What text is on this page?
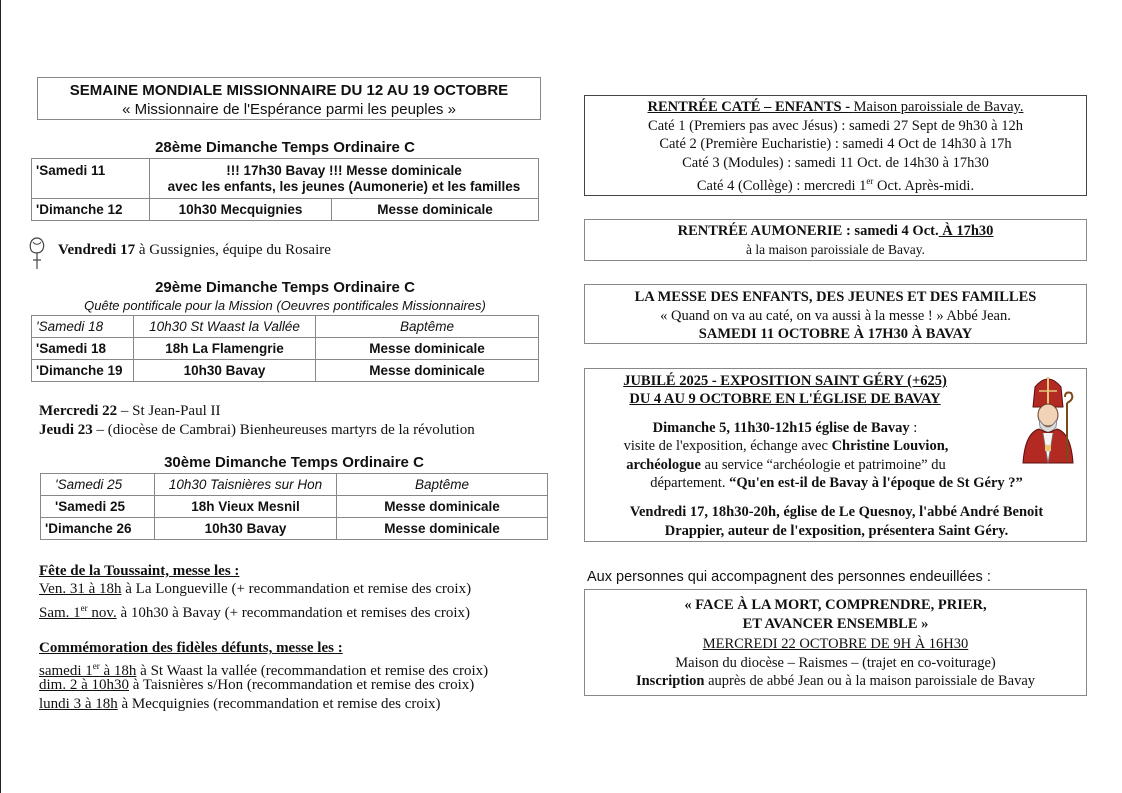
SEMAINE MONDIALE MISSIONNAIRE DU 12 AU 19 OCTOBRE
« Missionnaire de l'Espérance parmi les peuples »
28ème Dimanche Temps Ordinaire C
'Samedi 11	!!! 17h30 Bavay !!! Messe dominicale
avec les enfants, les jeunes (Aumonerie) et les familles	

'Dimanche 12	10h30 Mecquignies	Messe dominicale
Vendredi 17 à Gussignies, équipe du Rosaire
29ème Dimanche Temps Ordinaire C
Quête pontificale pour la Mission (Oeuvres pontificales Missionnaires)
'Samedi 18	10h30 St Waast la Vallée	Baptême
'Samedi 18	18h La Flamengrie	Messe dominicale
'Dimanche 19	10h30 Bavay	Messe dominicale
Mercredi 22 – St Jean-Paul II
Jeudi 23 – (diocèse de Cambrai) Bienheureuses martyrs de la révolution
30ème Dimanche Temps Ordinaire C
'Samedi 25	10h30 Taisnières sur Hon	Baptême
'Samedi 25	18h Vieux Mesnil	Messe dominicale
'Dimanche 26	10h30 Bavay	Messe dominicale
Fête de la Toussaint, messe les :
Ven. 31 à 18h à La Longueville (+ recommandation et remise des croix)
Sam. 1er nov. à 10h30 à Bavay (+ recommandation et remises des croix)
Commémoration des fidèles défunts, messe les :
samedi 1er à 18h à St Waast la vallée (recommandation et remise des croix)
dim. 2 à 10h30 à Taisnières s/Hon (recommandation et remise des croix)
lundi 3 à 18h à Mecquignies (recommandation et remise des croix)
RENTRÉE CATÉ – ENFANTS - Maison paroissiale de Bavay.
Caté 1 (Premiers pas avec Jésus) : samedi 27 Sept de 9h30 à 12h
Caté 2 (Première Eucharistie) : samedi 4 Oct de 14h30 à 17h
Caté 3 (Modules) : samedi 11 Oct. de 14h30 à 17h30
Caté 4 (Collège) : mercredi 1er Oct. Après-midi.
RENTRÉE AUMONERIE : samedi 4 Oct. À 17h30
à la maison paroissiale de Bavay.
LA MESSE DES ENFANTS, DES JEUNES ET DES FAMILLES
« Quand on va au caté, on va aussi à la messe ! » Abbé Jean.
SAMEDI 11 OCTOBRE À 17H30 À BAVAY
JUBILÉ 2025 - EXPOSITION SAINT GÉRY (+625)
DU 4 AU 9 OCTOBRE EN L'ÉGLISE DE BAVAY
Dimanche 5, 11h30-12h15 église de Bavay :
visite de l'exposition, échange avec Christine Louvion,
archéologue au service “archéologie et patrimoine” du
département. “Qu'en est-il de Bavay à l'époque de St Géry ?”
Vendredi 17, 18h30-20h, église de Le Quesnoy, l'abbé André Benoit
Drappier, auteur de l'exposition, présentera Saint Géry.
Aux personnes qui accompagnent des personnes endeuillées :
« FACE À LA MORT, COMPRENDRE, PRIER,
ET AVANCER ENSEMBLE »
MERCREDI 22 OCTOBRE DE 9H À 16H30
Maison du diocèse – Raismes – (trajet en co-voiturage)
Inscription auprès de abbé Jean ou à la maison paroissiale de Bavay
